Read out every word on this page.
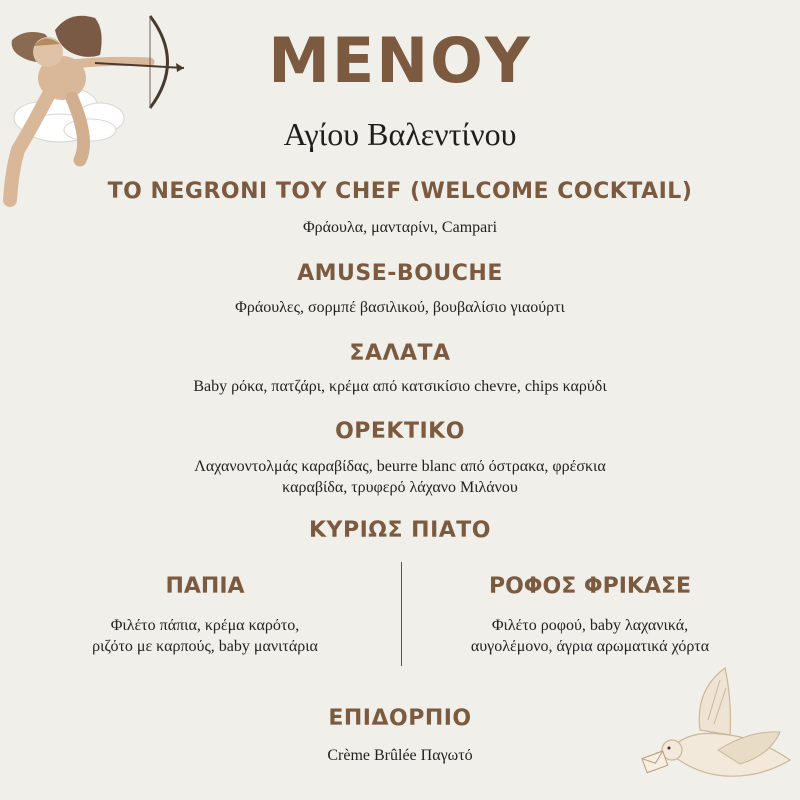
ΜΕΝΟΥ
Αγίου Βαλεντίνου
ΤΟ NEGRONI ΤΟΥ CHEF (WELCOME COCKTAIL)
Φράουλα, μανταρίνι, Campari
AMUSE-BOUCHE
Φράουλες, σορμπέ βασιλικού, βουβαλίσιο γιαούρτι
ΣΑΛΑΤΑ
Baby ρόκα, πατζάρι, κρέμα από κατσικίσιο chevre, chips καρύδι
ΟΡΕΚΤΙΚΟ
Λαχανοντολμάς καραβίδας, beurre blanc από όστρακα, φρέσκια
καραβίδα, τρυφερό λάχανο Μιλάνου
ΚΥΡΙΩΣ ΠΙΑΤΟ
ΠΑΠΙΑ
Φιλέτο πάπια, κρέμα καρότο,
ριζότο με καρπούς, baby μανιτάρια
ΡΟΦΟΣ ΦΡΙΚΑΣΕ
Φιλέτο ροφού, baby λαχανικά,
αυγολέμονο, άγρια αρωματικά χόρτα
ΕΠΙΔΟΡΠΙΟ
Crème Brûlée Παγωτό
